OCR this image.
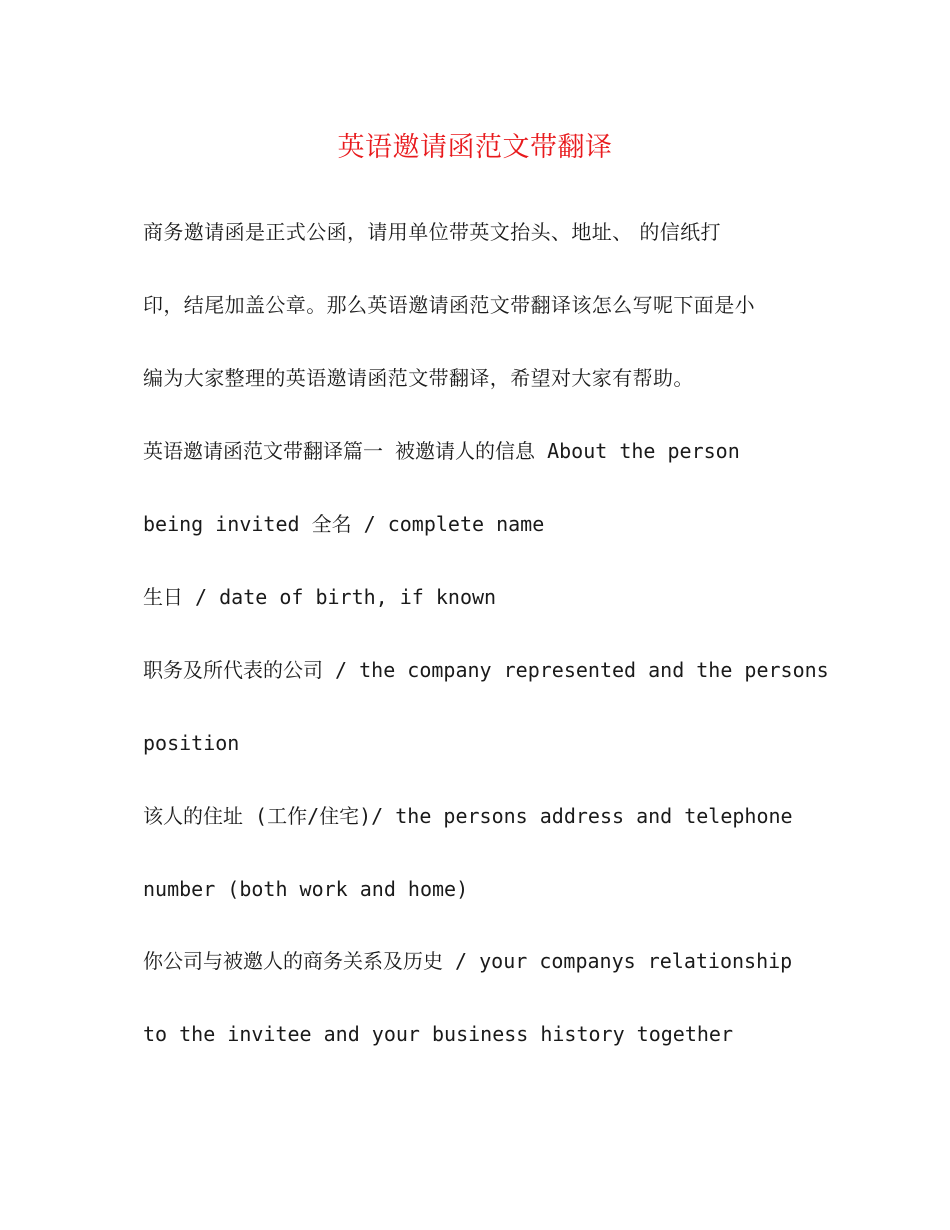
英语邀请函范文带翻译

商务邀请函是正式公函，请用单位带英文抬头、地址、 的信纸打

印，结尾加盖公章。那么英语邀请函范文带翻译该怎么写呢下面是小

编为大家整理的英语邀请函范文带翻译，希望对大家有帮助。

英语邀请函范文带翻译篇一 被邀请人的信息 About the person

being invited 全名 / complete name

生日 / date of birth, if known

职务及所代表的公司 / the company represented and the persons

position

该人的住址 (工作/住宅)/ the persons address and telephone

number (both work and home)

你公司与被邀人的商务关系及历史 / your companys relationship

to the invitee and your business history together
